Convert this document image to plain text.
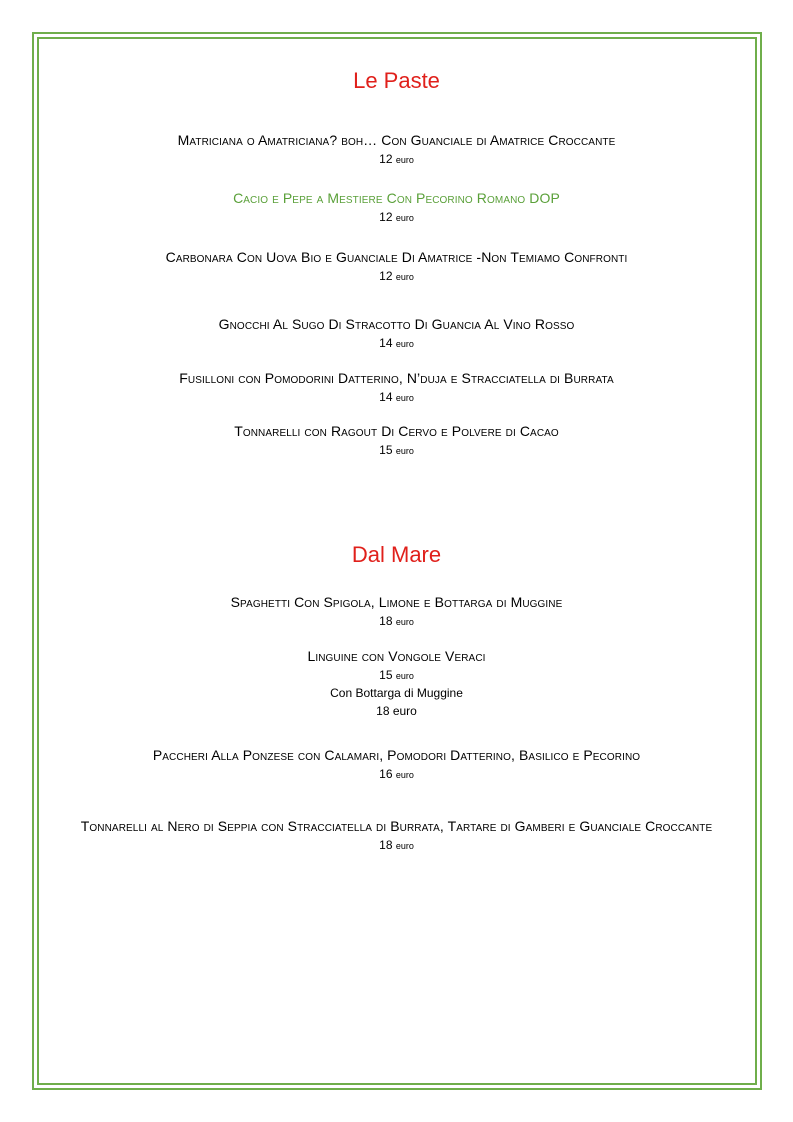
Le Paste
Matriciana o Amatriciana? boh… Con Guanciale di Amatrice Croccante
12 euro
Cacio e Pepe a Mestiere Con Pecorino Romano DOP
12 euro
Carbonara Con Uova Bio e Guanciale Di Amatrice -Non Temiamo Confronti
12 euro
Gnocchi Al Sugo Di Stracotto Di Guancia Al Vino Rosso
14 euro
Fusilloni con Pomodorini Datterino, N’duja e Stracciatella di Burrata
14 euro
Tonnarelli con Ragout Di Cervo e Polvere di Cacao
15 euro
Dal Mare
Spaghetti Con Spigola, Limone e Bottarga di Muggine
18 euro
Linguine con Vongole Veraci
15 euro
Con Bottarga di Muggine
18 euro
Paccheri Alla Ponzese con Calamari, Pomodori Datterino, Basilico e Pecorino
16 euro
Tonnarelli al Nero di Seppia con Stracciatella di Burrata, Tartare di Gamberi e Guanciale Croccante
18 euro
